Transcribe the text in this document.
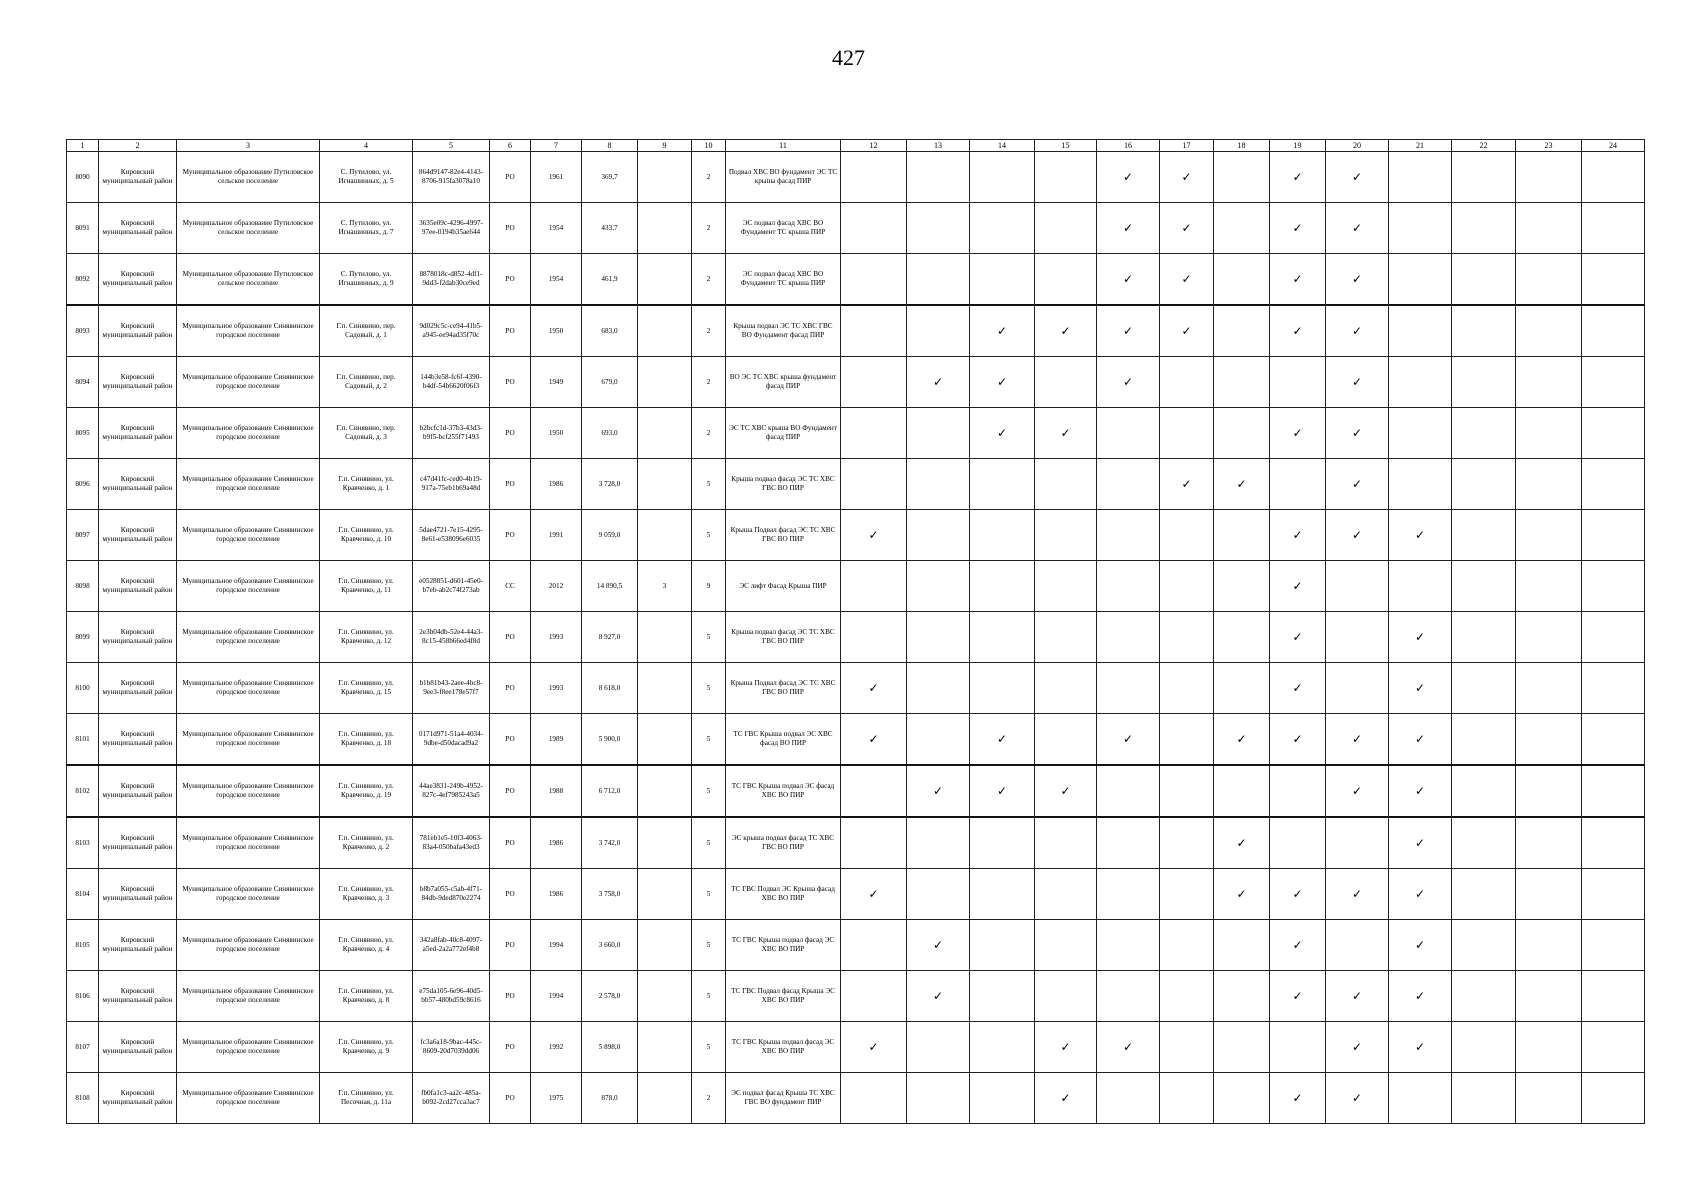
427
1	2	3	4	5	6	7	8	9	10	11	12	13	14	15	16	17	18	19	20	21	22	23	24
8090	Кировский муниципальный район	Муниципальное образование Путиловское сельское поселение	С. Путилово, ул. Игнашинных, д. 5	864d9147-82e4-4143-8706-915fa3078a10	РО	1961	369,7		2	Подвал ХВС ВО фундамент ЭС ТС крыша фасад ПИР					✓	✓		✓	✓				
8091	Кировский муниципальный район	Муниципальное образование Путиловское сельское поселение	С. Путилово, ул. Игнашинных, д. 7	3635e09c-4296-4997-97ee-0194b35ae644	РО	1954	433,7		2	ЭС подвал фасад ХВС ВО Фундамент ТС крыша ПИР					✓	✓		✓	✓				
8092	Кировский муниципальный район	Муниципальное образование Путиловское сельское поселение	С. Путилово, ул. Игнашинных, д. 9	8878018c-d852-4df1-9dd3-f2dab30ce9ed	РО	1954	461,9		2	ЭС подвал фасад ХВС ВО Фундамент ТС крыша ПИР					✓	✓		✓	✓				
8093	Кировский муниципальный район	Муниципальное образование Синявинское городское поселение	Г.п. Синявино, пер. Садовый, д. 1	9d029c5c-ce94-41b5-a945-ee94ad35f70c	РО	1950	683,0		2	Крыша подвал ЭС ТС ХВС ГВС ВО Фундамент фасад ПИР			✓	✓	✓	✓		✓	✓				
8094	Кировский муниципальный район	Муниципальное образование Синявинское городское поселение	Г.п. Синявино, пер. Садовый, д. 2	144b3e58-fc6f-4390-b4df-54b6620f06f3	РО	1949	679,0		2	ВО ЭС ТС ХВС крыша фундамент фасад ПИР		✓	✓		✓				✓				
8095	Кировский муниципальный район	Муниципальное образование Синявинское городское поселение	Г.п. Синявино, пер. Садовый, д. 3	b2bcfc1d-37b3-43d3-b9f5-bcf255f71493	РО	1950	693,0		2	ЭС ТС ХВС крыша ВО Фундамент фасад ПИР			✓	✓				✓	✓				
8096	Кировский муниципальный район	Муниципальное образование Синявинское городское поселение	Г.п. Синявино, ул. Кравченко, д. 1	c47d41fc-ced0-4b19-917a-75eb1b69a48d	РО	1986	3 728,0		5	Крыша подвал фасад ЭС ТС ХВС ГВС ВО ПИР						✓	✓		✓				
8097	Кировский муниципальный район	Муниципальное образование Синявинское городское поселение	Г.п. Синявино, ул. Кравченко, д. 10	5dae4721-7e15-4295-8e61-e538096e6035	РО	1991	9 059,0		5	Крыша Подвал фасад ЭС ТС ХВС ГВС ВО ПИР	✓							✓	✓	✓			
8098	Кировский муниципальный район	Муниципальное образование Синявинское городское поселение	Г.п. Синявино, ул. Кравченко, д. 11	e0528851-d601-45e0-b7eb-ab2c74f273ab	СС	2012	14 890,5	3	9	ЭС лифт Фасад Крыша ПИР								✓					
8099	Кировский муниципальный район	Муниципальное образование Синявинское городское поселение	Г.п. Синявино, ул. Кравченко, д. 12	2e3b04db-52e4-44a3-8c15-458b66ed4f8d	РО	1993	8 927,0		5	Крыша подвал фасад ЭС ТС ХВС ГВС ВО ПИР								✓		✓			
8100	Кировский муниципальный район	Муниципальное образование Синявинское городское поселение	Г.п. Синявино, ул. Кравченко, д. 15	b1b81b43-2aee-4bc8-9ee3-f8ee178e57f7	РО	1993	8 618,0		5	Крыша Подвал фасад ЭС ТС ХВС ГВС ВО ПИР	✓							✓		✓			
8101	Кировский муниципальный район	Муниципальное образование Синявинское городское поселение	Г.п. Синявино, ул. Кравченко, д. 18	0171d971-51a4-4034-9dbe-d50dacad9a2	РО	1989	5 900,0		5	ТС ГВС Крыша подвал ЭС ХВС фасад ВО ПИР	✓		✓		✓		✓	✓	✓	✓			
8102	Кировский муниципальный район	Муниципальное образование Синявинское городское поселение	Г.п. Синявино, ул. Кравченко, д. 19	44ae3831-249b-4952-827c-4ef7985243a5	РО	1988	6 712,0		5	ТС ГВС Крыша подвал ЭС фасад ХВС ВО ПИР		✓	✓	✓					✓	✓			
8103	Кировский муниципальный район	Муниципальное образование Синявинское городское поселение	Г.п. Синявино, ул. Кравченко, д. 2	781eb1e5-10f3-4063-83a4-050bafa43ed3	РО	1986	3 742,0		5	ЭС крыша подвал фасад ТС ХВС ГВС ВО ПИР							✓			✓			
8104	Кировский муниципальный район	Муниципальное образование Синявинское городское поселение	Г.п. Синявино, ул. Кравченко, д. 3	b8b7a055-c5ab-4f71-84db-9ded870e2274	РО	1986	3 758,0		5	ТС ГВС Подвал ЭС Крыша фасад ХВС ВО ПИР	✓						✓	✓	✓	✓			
8105	Кировский муниципальный район	Муниципальное образование Синявинское городское поселение	Г.п. Синявино, ул. Кравченко, д. 4	342a8fab-40c8-4097-a5ed-2a2a772ef4b8	РО	1994	3 660,0		5	ТС ГВС Крыша подвал фасад ЭС ХВС ВО ПИР		✓						✓		✓			
8106	Кировский муниципальный район	Муниципальное образование Синявинское городское поселение	Г.п. Синявино, ул. Кравченко, д. 8	e75da105-6e96-40d5-bb57-480bd59c8616	РО	1994	2 578,0		5	ТС ГВС Подвал фасад Крыша ЭС ХВС ВО ПИР		✓						✓	✓	✓			
8107	Кировский муниципальный район	Муниципальное образование Синявинское городское поселение	Г.п. Синявино, ул. Кравченко, д. 9	fc3a6a18-9bac-445c-8609-20d7039dd06	РО	1992	5 898,0		5	ТС ГВС Крыша подвал фасад ЭС ХВС ВО ПИР	✓			✓	✓				✓	✓			
8108	Кировский муниципальный район	Муниципальное образование Синявинское городское поселение	Г.п. Синявино, ул. Песочная, д. 11а	fb0fa1c3-aa2c-485a-b092-2cd27cca3ac7	РО	1975	878,0		2	ЭС подвал фасад Крыша ТС ХВС ГВС ВО фундамент ПИР				✓				✓	✓				
